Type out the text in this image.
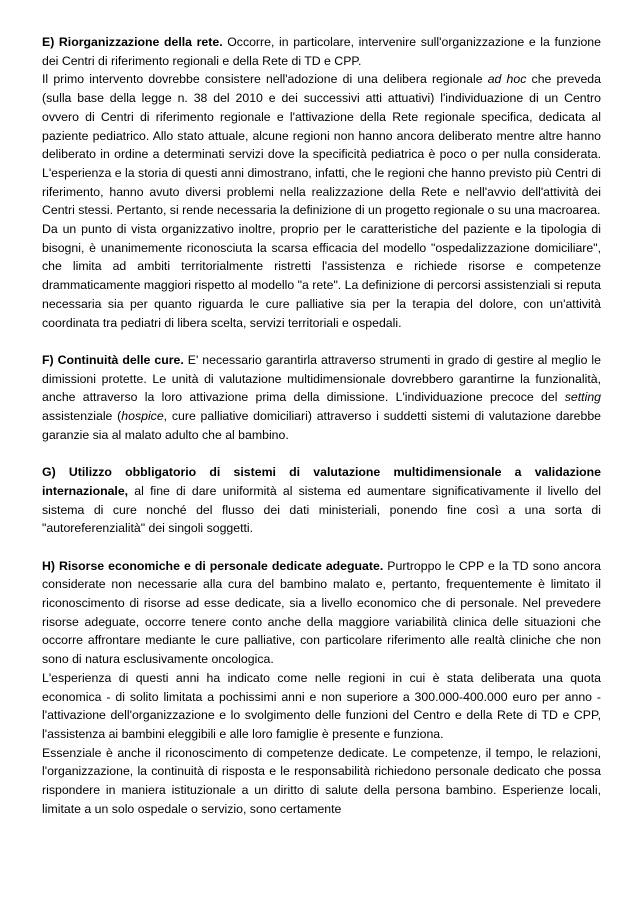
E) Riorganizzazione della rete. Occorre, in particolare, intervenire sull'organizzazione e la funzione dei Centri di riferimento regionali e della Rete di TD e CPP.

Il primo intervento dovrebbe consistere nell'adozione di una delibera regionale ad hoc che preveda (sulla base della legge n. 38 del 2010 e dei successivi atti attuativi) l'individuazione di un Centro ovvero di Centri di riferimento regionale e l'attivazione della Rete regionale specifica, dedicata al paziente pediatrico. Allo stato attuale, alcune regioni non hanno ancora deliberato mentre altre hanno deliberato in ordine a determinati servizi dove la specificità pediatrica è poco o per nulla considerata. L'esperienza e la storia di questi anni dimostrano, infatti, che le regioni che hanno previsto più Centri di riferimento, hanno avuto diversi problemi nella realizzazione della Rete e nell'avvio dell'attività dei Centri stessi. Pertanto, si rende necessaria la definizione di un progetto regionale o su una macroarea.

Da un punto di vista organizzativo inoltre, proprio per le caratteristiche del paziente e la tipologia di bisogni, è unanimemente riconosciuta la scarsa efficacia del modello "ospedalizzazione domiciliare", che limita ad ambiti territorialmente ristretti l'assistenza e richiede risorse e competenze drammaticamente maggiori rispetto al modello "a rete". La definizione di percorsi assistenziali si reputa necessaria sia per quanto riguarda le cure palliative sia per la terapia del dolore, con un'attività coordinata tra pediatri di libera scelta, servizi territoriali e ospedali.

F) Continuità delle cure. E' necessario garantirla attraverso strumenti in grado di gestire al meglio le dimissioni protette. Le unità di valutazione multidimensionale dovrebbero garantirne la funzionalità, anche attraverso la loro attivazione prima della dimissione. L'individuazione precoce del setting assistenziale (hospice, cure palliative domiciliari) attraverso i suddetti sistemi di valutazione darebbe garanzie sia al malato adulto che al bambino.

G) Utilizzo obbligatorio di sistemi di valutazione multidimensionale a validazione internazionale, al fine di dare uniformità al sistema ed aumentare significativamente il livello del sistema di cure nonché del flusso dei dati ministeriali, ponendo fine così a una sorta di "autoreferenzialità" dei singoli soggetti.

H) Risorse economiche e di personale dedicate adeguate. Purtroppo le CPP e la TD sono ancora considerate non necessarie alla cura del bambino malato e, pertanto, frequentemente è limitato il riconoscimento di risorse ad esse dedicate, sia a livello economico che di personale. Nel prevedere risorse adeguate, occorre tenere conto anche della maggiore variabilità clinica delle situazioni che occorre affrontare mediante le cure palliative, con particolare riferimento alle realtà cliniche che non sono di natura esclusivamente oncologica.

L'esperienza di questi anni ha indicato come nelle regioni in cui è stata deliberata una quota economica - di solito limitata a pochissimi anni e non superiore a 300.000-400.000 euro per anno - l'attivazione dell'organizzazione e lo svolgimento delle funzioni del Centro e della Rete di TD e CPP, l'assistenza ai bambini eleggibili e alle loro famiglie è presente e funziona.

Essenziale è anche il riconoscimento di competenze dedicate. Le competenze, il tempo, le relazioni, l'organizzazione, la continuità di risposta e le responsabilità richiedono personale dedicato che possa rispondere in maniera istituzionale a un diritto di salute della persona bambino. Esperienze locali, limitate a un solo ospedale o servizio, sono certamente
